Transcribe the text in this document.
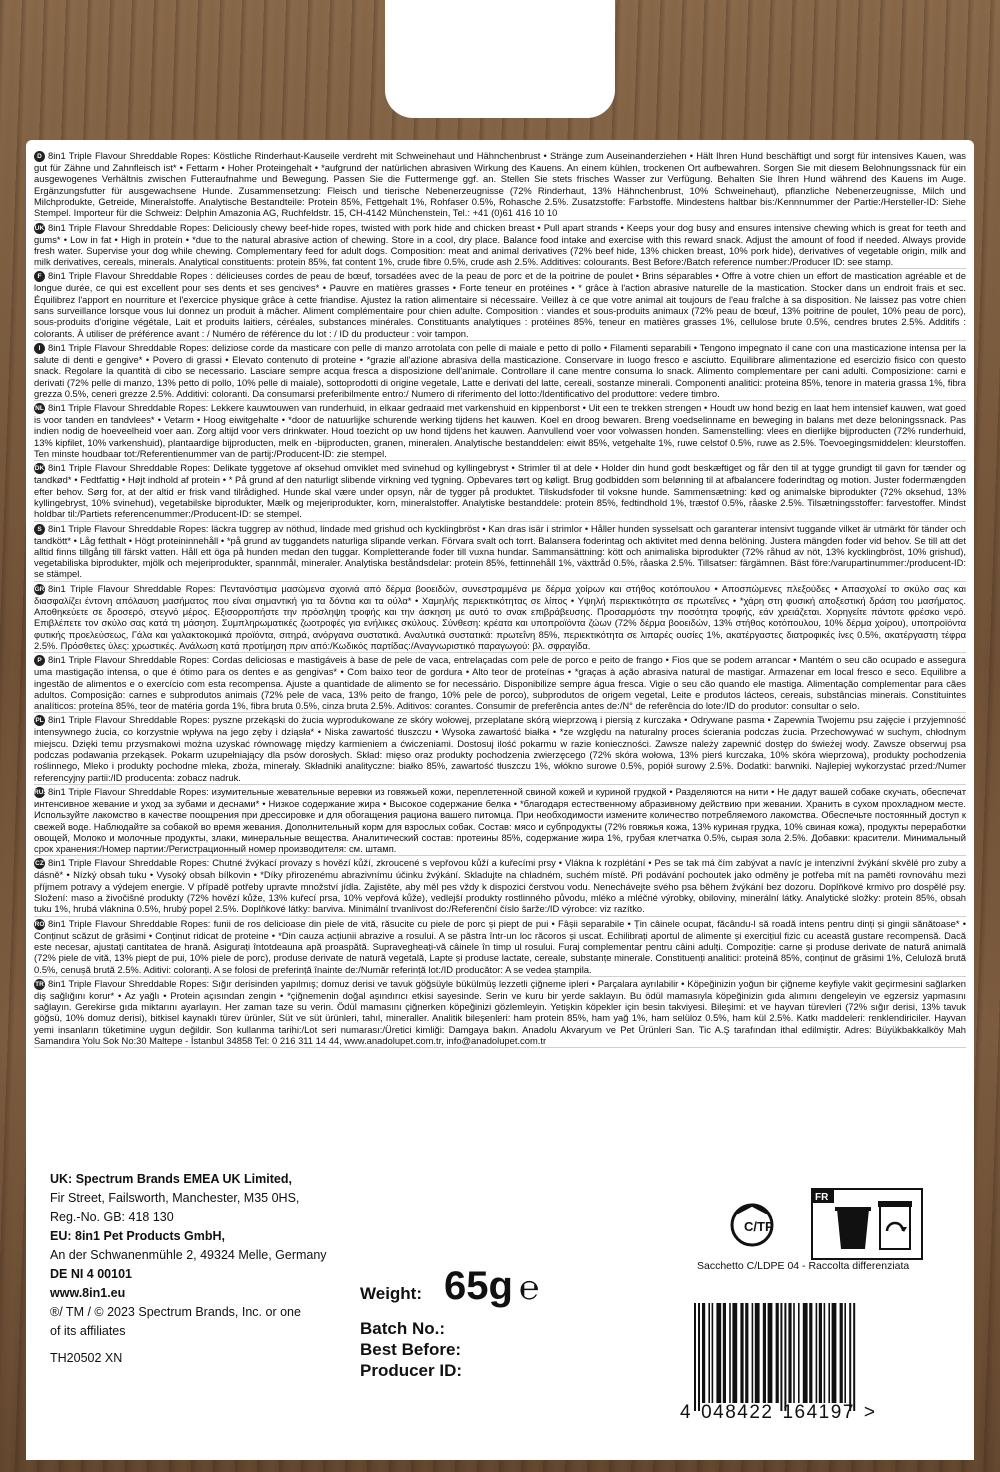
D 8in1 Triple Flavour Shreddable Ropes: Köstliche Rinderhaut-Kauseile verdreht mit Schweinehaut und Hähnchenbrust • Stränge zum Auseinanderziehen • Hält Ihren Hund beschäftigt und sorgt für intensives Kauen, was gut für Zähne und Zahnfleisch ist* • Fettarm • Hoher Proteingehalt • *aufgrund der natürlichen abrasiven Wirkung des Kauens. An einem kühlen, trockenen Ort aufbewahren. Sorgen Sie mit diesem Belohnungssnack für ein ausgewogenes Verhältnis zwischen Futteraufnahme und Bewegung. Passen Sie die Futtermenge ggf. an. Stellen Sie stets frisches Wasser zur Verfügung. Behalten Sie Ihren Hund während des Kauens im Auge. Ergänzungsfutter für ausgewachsene Hunde. Zusammensetzung: Fleisch und tierische Nebenerzeugnisse (72% Rinderhaut, 13% Hähnchenbrust, 10% Schweinehaut), pflanzliche Nebenerzeugnisse, Milch und Milchprodukte, Getreide, Mineralstoffe. Analytische Bestandteile: Protein 85%, Fettgehalt 1%, Rohfaser 0.5%, Rohasche 2.5%. Zusatzstoffe: Farbstoffe. Mindestens haltbar bis:/Kennnummer der Partie:/Hersteller-ID: Siehe Stempel. Importeur für die Schweiz: Delphin Amazonia AG, Ruchfeldstr. 15, CH-4142 Münchenstein, Tel.: +41 (0)61 416 10 10
UK 8in1 Triple Flavour Shreddable Ropes: Deliciously chewy beef-hide ropes, twisted with pork hide and chicken breast • Pull apart strands • Keeps your dog busy and ensures intensive chewing which is great for teeth and gums* • Low in fat • High in protein • *due to the natural abrasive action of chewing. Store in a cool, dry place. Balance food intake and exercise with this reward snack. Adjust the amount of food if needed. Always provide fresh water. Supervise your dog while chewing. Complementary feed for adult dogs. Composition: meat and animal derivatives (72% beef hide, 13% chicken breast, 10% pork hide), derivatives of vegetable origin, milk and milk derivatives, cereals, minerals. Analytical constituents: protein 85%, fat content 1%, crude fibre 0.5%, crude ash 2.5%. Additives: colourants. Best Before:/Batch reference number:/Producer ID: see stamp.
F 8in1 Triple Flavour Shreddable Ropes : délicieuses cordes de peau de bœuf, torsadées avec de la peau de porc et de la poitrine de poulet • Brins séparables • Offre à votre chien un effort de mastication agréable et de longue durée, ce qui est excellent pour ses dents et ses gencives* • Pauvre en matières grasses • Forte teneur en protéines • * grâce à l'action abrasive naturelle de la mastication. Stocker dans un endroit frais et sec. Équilibrez l'apport en nourriture et l'exercice physique grâce à cette friandise. Ajustez la ration alimentaire si nécessaire. Veillez à ce que votre animal ait toujours de l'eau fraîche à sa disposition. Ne laissez pas votre chien sans surveillance lorsque vous lui donnez un produit à mâcher. Aliment complémentaire pour chien adulte. Composition : viandes et sous-produits animaux (72% peau de bœuf, 13% poitrine de poulet, 10% peau de porc), sous-produits d'origine végétale, Lait et produits laitiers, céréales, substances minérales. Constituants analytiques : protéines 85%, teneur en matières grasses 1%, cellulose brute 0.5%, cendres brutes 2.5%. Additifs : colorants. À utiliser de préférence avant : / Numéro de référence du lot : / ID du producteur : voir tampon.
I 8in1 Triple Flavour Shreddable Ropes: deliziose corde da masticare con pelle di manzo arrotolata con pelle di maiale e petto di pollo • Filamenti separabili • Tengono impegnato il cane con una masticazione intensa per la salute di denti e gengive* • Povero di grassi • Elevato contenuto di proteine • *grazie all'azione abrasiva della masticazione. Conservare in luogo fresco e asciutto. Equilibrare alimentazione ed esercizio fisico con questo snack. Regolare la quantità di cibo se necessario. Lasciare sempre acqua fresca a disposizione dell'animale. Controllare il cane mentre consuma lo snack. Alimento complementare per cani adulti. Composizione: carni e derivati (72% pelle di manzo, 13% petto di pollo, 10% pelle di maiale), sottoprodotti di origine vegetale, Latte e derivati del latte, cereali, sostanze minerali. Componenti analitici: proteina 85%, tenore in materia grassa 1%, fibra grezza 0.5%, ceneri grezze 2.5%. Additivi: coloranti. Da consumarsi preferibilmente entro:/ Numero di riferimento del lotto:/Identificativo del produttore: vedere timbro.
NL 8in1 Triple Flavour Shreddable Ropes: Lekkere kauwtouwen van runderhuid, in elkaar gedraaid met varkenshuid en kippenborst • Uit een te trekken strengen • Houdt uw hond bezig en laat hem intensief kauwen, wat goed is voor tanden en tandvlees* • Vetarm • Hoog eiwitgehalte • *door de natuurlijke schurende werking tijdens het kauwen. Koel en droog bewaren. Breng voedselinname en beweging in balans met deze beloningssnack. Pas indien nodig de hoeveelheid voer aan. Zorg altijd voor vers drinkwater. Houd toezicht op uw hond tijdens het kauwen. Aanvullend voer voor volwassen honden. Samenstelling: vlees en dierlijke bijproducten (72% runderhuid, 13% kipfilet, 10% varkenshuid), plantaardige bijproducten, melk en -bijproducten, granen, mineralen. Analytische bestanddelen: eiwit 85%, vetgehalte 1%, ruwe celstof 0.5%, ruwe as 2.5%. Toevoegingsmiddelen: kleurstoffen. Ten minste houdbaar tot:/Referentienummer van de partij:/Producent-ID: zie stempel.
DK 8in1 Triple Flavour Shreddable Ropes: Delikate tyggetove af oksehud omviklet med svinehud og kyllingebryst • Strimler til at dele • Holder din hund godt beskæftiget og får den til at tygge grundigt til gavn for tænder og tandkød* • Fedtfattig • Højt indhold af protein • * På grund af den naturligt slibende virkning ved tygning. Opbevares tørt og køligt. Brug godbidden som belønning til at afbalancere foderindtag og motion. Juster fodermængden efter behov. Sørg for, at der altid er frisk vand tilrådighed. Hunde skal være under opsyn, når de tygger på produktet. Tilskudsfoder til voksne hunde. Sammensætning: kød og animalske biprodukter (72% oksehud, 13% kyllingebryst, 10% svinehud), vegetabilske biprodukter, Mælk og mejeriprodukter, korn, mineralstoffer. Analytiske bestanddele: protein 85%, fedtindhold 1%, træstof 0.5%, råaske 2.5%. Tilsætningsstoffer: farvestoffer. Mindst holdbar til:/Partiets referencenummer:/Producent-ID: se stempel.
S 8in1 Triple Flavour Shreddable Ropes: läckra tuggrep av nöthud, lindade med grishud och kycklingbröst • Kan dras isär i strimlor • Håller hunden sysselsatt och garanterar intensivt tuggande vilket är utmärkt för tänder och tandkött* • Låg fetthalt • Högt proteininnehåll • *på grund av tuggandets naturliga slipande verkan. Förvara svalt och torrt. Balansera foderintag och aktivitet med denna belöning. Justera mängden foder vid behov. Se till att det alltid finns tillgång till färskt vatten. Håll ett öga på hunden medan den tuggar. Kompletterande foder till vuxna hundar. Sammansättning: kött och animaliska biprodukter (72% råhud av nöt, 13% kycklingbröst, 10% grishud), vegetabiliska biprodukter, mjölk och mejeriprodukter, spannmål, mineraler. Analytiska beståndsdelar: protein 85%, fettinnehåll 1%, växttråd 0.5%, råaska 2.5%. Tillsatser: färgämnen. Bäst före:/varupartinummer:/producent-ID: se stämpel.
GR 8in1 Triple Flavour Shreddable Ropes: Πεντανόστιμα μασώμενα σχοινιά από δέρμα βοοειδών, συνεστραμμένα με δέρμα χοίρων και στήθος κοτόπουλου • Αποσπώμενες πλεξούδες • Απασχολεί το σκύλο σας και διασφαλίζει έντονη απόλαυση μασήματος που είναι σημαντική για τα δόντια και τα ούλα* • Χαμηλής περιεκτικότητας σε λίπος • Υψηλή περιεκτικότητα σε πρωτεΐνες • *χάρη στη φυσική αποξεστική δράση του μασήματος. Αποθηκεύετε σε δροσερό, στεγνό μέρος. Εξισορροπήστε την πρόσληψη τροφής και την άσκηση με αυτό το σνακ επιβράβευσης. Προσαρμόστε την ποσότητα τροφής, εάν χρειάζεται. Χορηγείτε πάντοτε φρέσκο νερό. Επιβλέπετε τον σκύλο σας κατά τη μάσηση. Συμπληρωματικές ζωοτροφές για ενήλικες σκύλους. Σύνθεση: κρέατα και υποπροϊόντα ζώων (72% δέρμα βοοειδών, 13% στήθος κοτόπουλου, 10% δέρμα χοίρου), υποπροϊόντα φυτικής προελεύσεως, Γάλα και γαλακτοκομικά προϊόντα, σιτηρά, ανόργανα συστατικά. Αναλυτικά συστατικά: πρωτεΐνη 85%, περιεκτικότητα σε λιπαρές ουσίες 1%, ακατέργαστες διατροφικές ίνες 0.5%, ακατέργαστη τέφρα 2.5%. Πρόσθετες ύλες: χρωστικές. Ανάλωση κατά προτίμηση πριν από:/Κωδικός παρτίδας:/Αναγνωριστικό παραγωγού: βλ. σφραγίδα.
P 8in1 Triple Flavour Shreddable Ropes: Cordas deliciosas e mastigáveis à base de pele de vaca, entrelaçadas com pele de porco e peito de frango • Fios que se podem arrancar • Mantém o seu cão ocupado e assegura uma mastigação intensa, o que é ótimo para os dentes e as gengivas* • Com baixo teor de gordura • Alto teor de proteínas • *graças à ação abrasiva natural de mastigar. Armazenar em local fresco e seco. Equilibre a ingestão de alimentos e o exercício com esta recompensa. Ajuste a quantidade de alimento se for necessário. Disponibilize sempre água fresca. Vigie o seu cão quando ele mastiga. Alimentação complementar para cães adultos. Composição: carnes e subprodutos animais (72% pele de vaca, 13% peito de frango, 10% pele de porco), subprodutos de origem vegetal, Leite e produtos lácteos, cereais, substâncias minerais. Constituintes analíticos: proteína 85%, teor de matéria gorda 1%, fibra bruta 0.5%, cinza bruta 2.5%. Aditivos: corantes. Consumir de preferência antes de:/N° de referência do lote:/ID do produtor: consultar o selo.
PL 8in1 Triple Flavour Shreddable Ropes: pyszne przekąski do żucia wyprodukowane ze skóry wołowej, przeplatane skórą wieprzową i piersią z kurczaka • Odrywane pasma • Zapewnia Twojemu psu zajęcie i przyjemność intensywnego żucia, co korzystnie wpływa na jego zęby i dziąsła* • Niska zawartość tłuszczu • Wysoka zawartość białka • *ze względu na naturalny proces ścierania podczas żucia. Przechowywać w suchym, chłodnym miejscu. Dzięki temu przysmakowi można uzyskać równowagę między karmieniem a ćwiczeniami. Dostosuj ilość pokarmu w razie konieczności. Zawsze należy zapewnić dostęp do świeżej wody. Zawsze obserwuj psa podczas podawania przekąsek. Pokarm uzupełniający dla psów dorosłych. Skład: mięso oraz produkty pochodzenia zwierzęcego (72% skóra wołowa, 13% pierś kurczaka, 10% skóra wieprzowa), produkty pochodzenia roślinnego, Mleko i produkty pochodne mleka, zboża, minerały. Składniki analityczne: białko 85%, zawartość tłuszczu 1%, włókno surowe 0.5%, popiół surowy 2.5%. Dodatki: barwniki. Najlepiej wykorzystać przed:/Numer referencyjny partii:/ID producenta: zobacz nadruk.
RUS8in1 Triple Flavour Shreddable Ropes: изумительные жевательные веревки из говяжьей кожи, переплетенной свиной кожей и куриной грудкой • Разделяются на нити • Не дадут вашей собаке скучать, обеспечат интенсивное жевание и уход за зубами и деснами* • Низкое содержание жира • Высокое содержание белка • *благодаря естественному абразивному действию при жевании. Хранить в сухом прохладном месте. Используйте лакомство в качестве поощрения при дрессировке и для обогащения рациона вашего питомца. При необходимости измените количество потребляемого лакомства. Обеспечьте постоянный доступ к свежей воде. Наблюдайте за собакой во время жевания. Дополнительный корм для взрослых собак. Состав: мясо и субпродукты (72% говяжья кожа, 13% куриная грудка, 10% свиная кожа), продукты переработки овощей, Молоко и молочные продукты, злаки, минеральные вещества. Аналитический состав: протеины 85%, содержание жира 1%, грубая клетчатка 0.5%, сырая зола 2.5%. Добавки: красители. Минимальный срок хранения:/Номер партии:/Регистрационный номер производителя: см. штамп.
CZ 8in1 Triple Flavour Shreddable Ropes: Chutné žvýkací provazy s hovězí kůží, zkroucené s vepřovou kůží a kuřecími prsy • Vlákna k rozplétání • Pes se tak má čím zabývat a navíc je intenzivní žvýkání skvělé pro zuby a dásně* • Nízký obsah tuku • Vysoký obsah bílkovin • *Díky přirozenému abrazivnímu účinku žvýkání. Skladujte na chladném, suchém místě. Při podávání pochoutek jako odměny je potřeba mít na paměti rovnováhu mezi příjmem potravy a výdejem energie. V případě potřeby upravte množství jídla. Zajistěte, aby měl pes vždy k dispozici čerstvou vodu. Nenechávejte svého psa během žvýkání bez dozoru. Doplňkové krmivo pro dospělé psy. Složení: maso a živočišné produkty (72% hovězí kůže, 13% kuřecí prsa, 10% vepřová kůže), vedlejší produkty rostlinného původu, mléko a mléčné výrobky, obiloviny, minerální látky. Analytické složky: protein 85%, obsah tuku 1%, hrubá vláknina 0.5%, hrubý popel 2.5%. Doplňkové látky: barviva. Minimální trvanlivost do:/Referenční číslo šarže:/ID výrobce: viz razítko.
RO 8in1 Triple Flavour Shreddable Ropes: funii de ros delicioase din piele de vită, răsucite cu piele de porc și piept de pui • Fâșii separabile • Țin câinele ocupat, făcându-l să roadă intens pentru dinți și gingii sănătoase* • Conținut scăzut de grăsimi • Conținut ridicat de proteine • *Din cauza acțiunii abrazive a rosului. A se păstra într-un loc răcoros și uscat. Echilibrați aportul de alimente și exercițiul fizic cu această gustare recompensă. Dacă este necesar, ajustați cantitatea de hrană. Asigurați întotdeauna apă proaspătă. Supravegheați-vă câinele în timp ul rosului. Furaj complementar pentru câini adulți. Compoziție: carne și produse derivate de natură animală (72% piele de vită, 13% piept de pui, 10% piele de porc), produse derivate de natură vegetală, Lapte și produse lactate, cereale, substanțe minerale. Constituenți analitici: proteină 85%, conținut de grăsimi 1%, Celuloză brută 0.5%, cenușă brută 2.5%. Aditivi: coloranți. A se folosi de preferință înainte de:/Număr referință lot:/ID producător: A se vedea ștampila.
TR 8in1 Triple Flavour Shreddable Ropes: Sığır derisinden yapılmış; domuz derisi ve tavuk göğsüyle bükülmüş lezzetli çiğneme ipleri • Parçalara ayrılabilir • Köpeğinizin yoğun bir çiğneme keyfiyle vakit geçirmesini sağlarken diş sağlığını korur* • Az yağlı • Protein açısından zengin • *çiğnemenin doğal aşındırıcı etkisi sayesinde. Serin ve kuru bir yerde saklayın. Bu ödül mamasıyla köpeğinizin gıda alımını dengeleyin ve egzersiz yapmasını sağlayın. Gerekirse gıda miktarını ayarlayın. Her zaman taze su verin. Ödül mamasını çiğnerken köpeğinizi gözlemleyin. Yetişkin köpekler için besin takviyesi. Bileşimi: et ve hayvan türevleri (72% sığır derisi, 13% tavuk göğsü, 10% domuz derisi), bitkisel kaynaklı türev ürünler, Süt ve süt ürünleri, tahıl, mineraller. Analitik bileşenleri: ham protein 85%, ham yağ 1%, ham selüloz 0.5%, ham kül 2.5%. Katkı maddeleri: renklendiriciler. Hayvan yemi insanların tüketimine uygun değildir. Son kullanma tarihi:/Lot seri numarası:/Üretici kimliği: Damgaya bakın. Anadolu Akvaryum ve Pet Ürünleri San. Tic A.Ş tarafından ithal edilmiştir. Adres: Büyükbakkalköy Mah Samandıra Yolu Sok No:30 Maltepe - İstanbul 34858 Tel: 0 216 311 14 44, www.anadolupet.com.tr, info@anadolupet.com.tr
UK: Spectrum Brands EMEA UK Limited,
Fir Street, Failsworth, Manchester, M35 0HS,
Reg.-No. GB: 418 130
EU: 8in1 Pet Products GmbH,
An der Schwanenmühle 2, 49324 Melle, Germany
DE NI 4 00101
www.8in1.eu
®/ TM / © 2023 Spectrum Brands, Inc. or one
of its affiliates
TH20502 XN
Weight: 65g ℮
Batch No.:
Best Before:
Producer ID:
C/TP
FR
Sacchetto C/LDPE 04 - Raccolta differenziata
4 048422 164197 >
